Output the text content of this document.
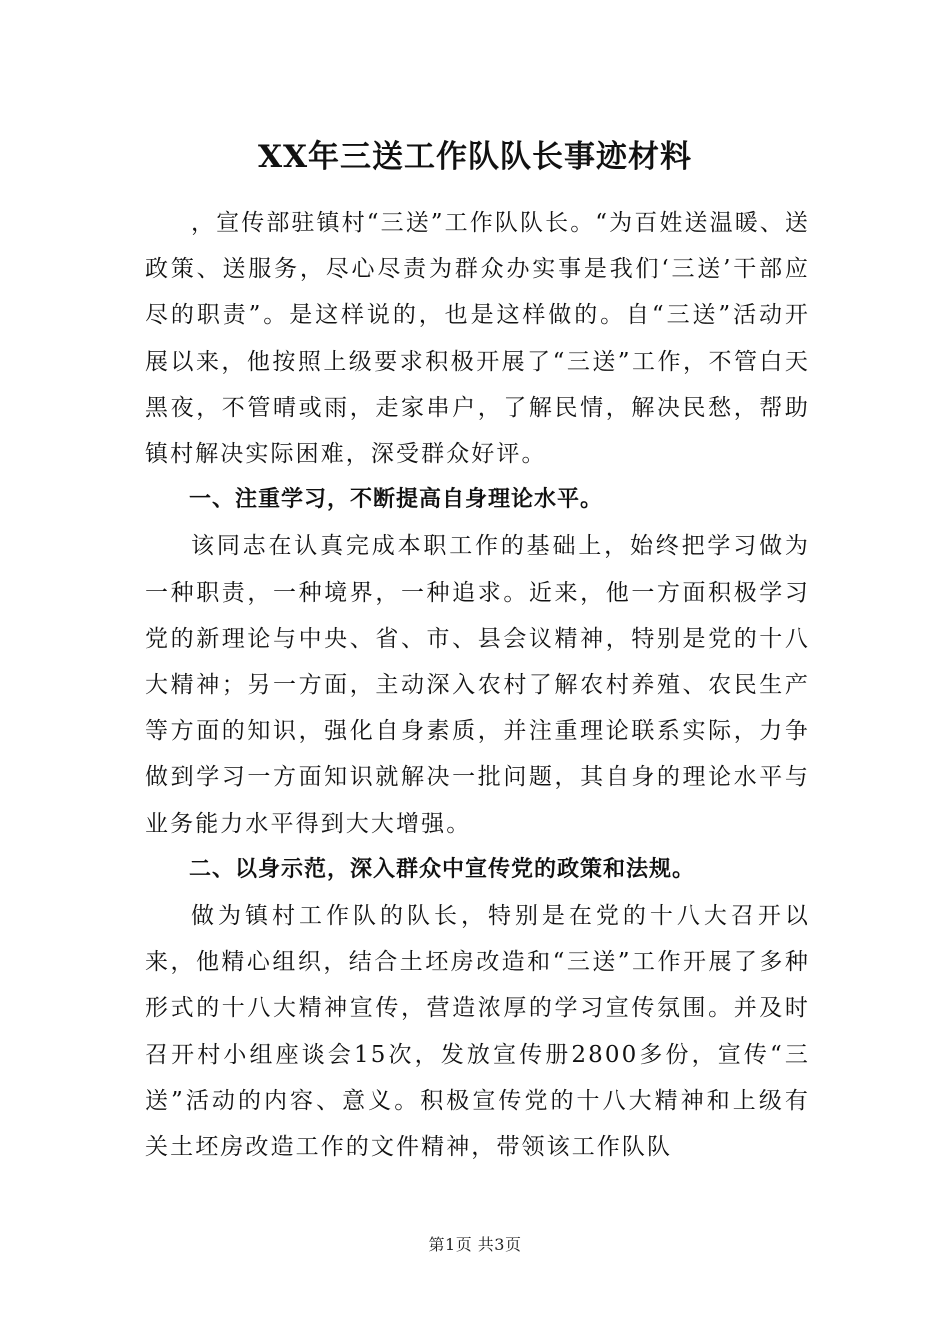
XX年三送工作队队长事迹材料

，宣传部驻镇村“三送”工作队队长。“为百姓送温暖、送政策、送服务，尽心尽责为群众办实事是我们‘三送’干部应尽的职责”。是这样说的，也是这样做的。自“三送”活动开展以来，他按照上级要求积极开展了“三送”工作，不管白天黑夜，不管晴或雨，走家串户，了解民情，解决民愁，帮助镇村解决实际困难，深受群众好评。

一、注重学习，不断提高自身理论水平。

该同志在认真完成本职工作的基础上，始终把学习做为一种职责，一种境界，一种追求。近来，他一方面积极学习党的新理论与中央、省、市、县会议精神，特别是党的十八大精神；另一方面，主动深入农村了解农村养殖、农民生产等方面的知识，强化自身素质，并注重理论联系实际，力争做到学习一方面知识就解决一批问题，其自身的理论水平与业务能力水平得到大大增强。

二、以身示范，深入群众中宣传党的政策和法规。

做为镇村工作队的队长，特别是在党的十八大召开以来，他精心组织，结合土坯房改造和“三送”工作开展了多种形式的十八大精神宣传，营造浓厚的学习宣传氛围。并及时召开村小组座谈会15次，发放宣传册2800多份，宣传“三送”活动的内容、意义。积极宣传党的十八大精神和上级有关土坯房改造工作的文件精神，带领该工作队队

第1页 共3页
